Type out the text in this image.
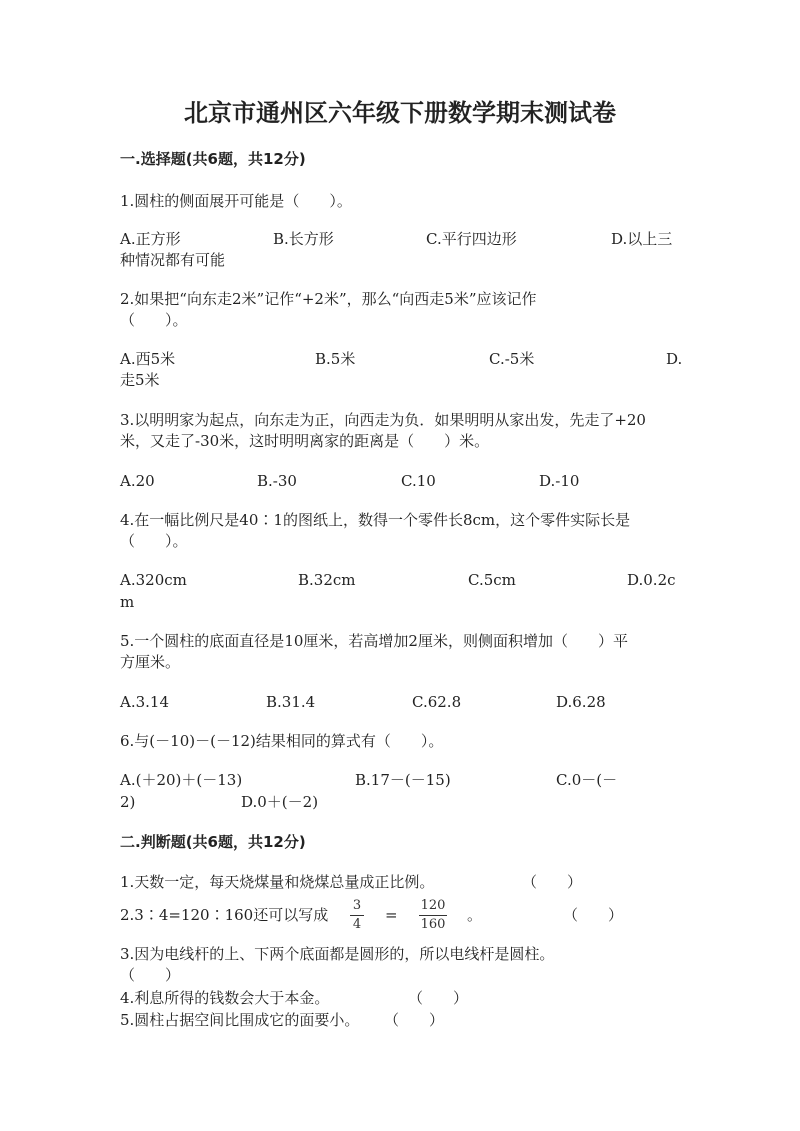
北京市通州区六年级下册数学期末测试卷
一.选择题(共6题，共12分)
1.圆柱的侧面展开可能是（　　）。
A.正方形	B.长方形	C.平行四边形	D.以上三
种情况都有可能
2.如果把“向东走2米”记作“+2米”，那么“向西走5米”应该记作
（　　）。
A.西5米	B.5米	C.-5米	D.
走5米
3.以明明家为起点，向东走为正，向西走为负．如果明明从家出发，先走了+20
米，又走了-30米，这时明明离家的距离是（　　）米。
A.20	B.-30	C.10	D.-10
4.在一幅比例尺是40∶1的图纸上，数得一个零件长8cm，这个零件实际长是
（　　）。
A.320cm	B.32cm	C.5cm	D.0.2c
m
5.一个圆柱的底面直径是10厘米，若高增加2厘米，则侧面积增加（　　）平
方厘米。
A.3.14	B.31.4	C.62.8	D.6.28
6.与(－10)－(－12)结果相同的算式有（　　）。
A.(＋20)＋(－13)	B.17－(－15)	C.0－(－
2)	D.0＋(－2)
二.判断题(共6题，共12分)
1.天数一定，每天烧煤量和烧煤总量成正比例。	（　　）
2.3∶4=120∶160还可以写成
3
4
=
120
160
。	（　　）
3.因为电线杆的上、下两个底面都是圆形的，所以电线杆是圆柱。
（　　）
4.利息所得的钱数会大于本金。	（　　）
5.圆柱占据空间比围成它的面要小。 （　　）
